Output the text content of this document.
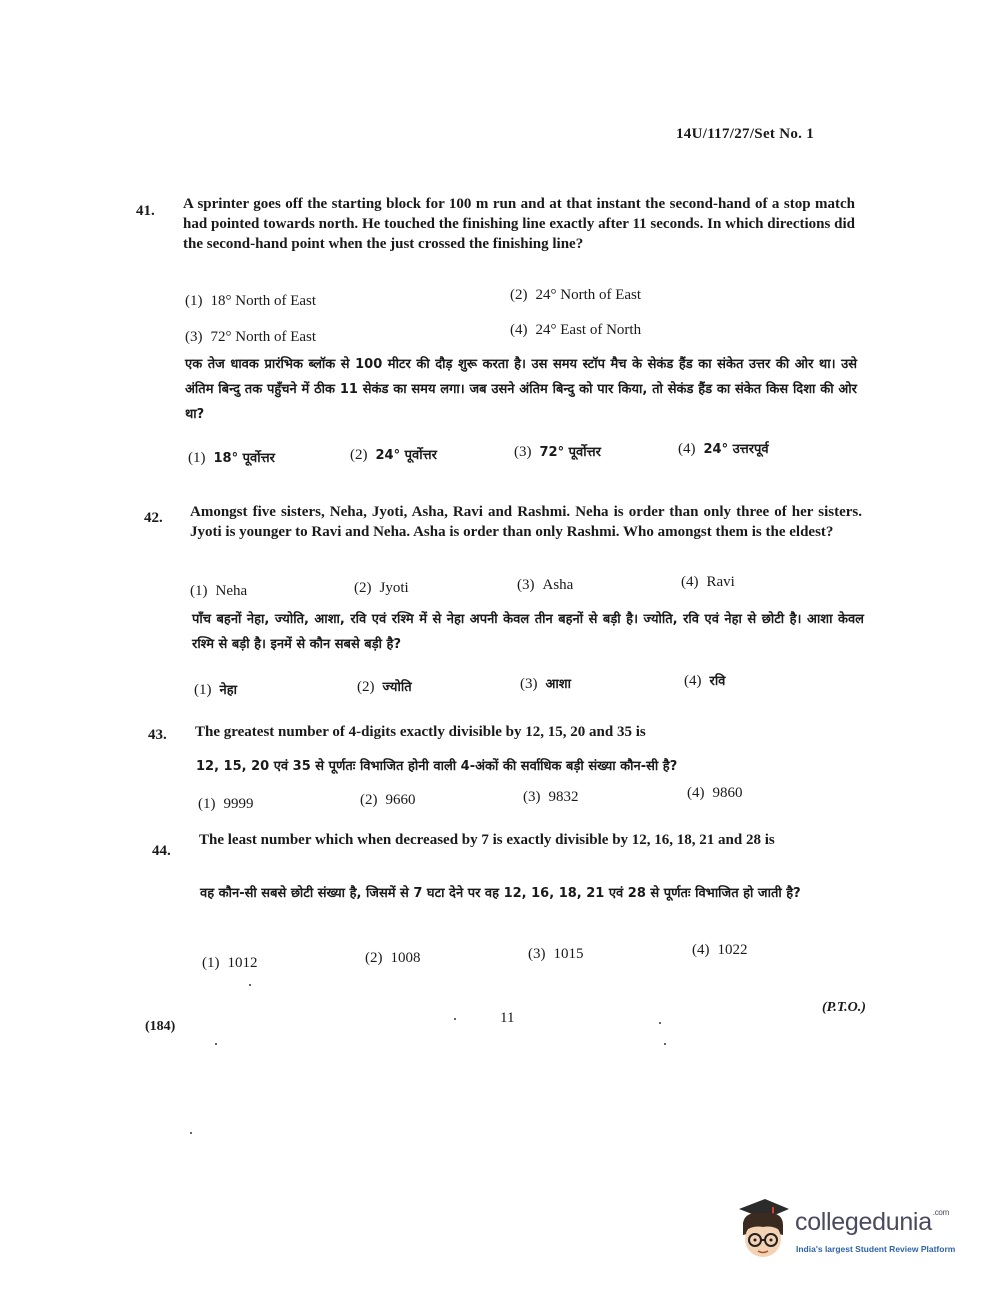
14U/117/27/Set No. 1
41. A sprinter goes off the starting block for 100 m run and at that instant the second-hand of a stop match had pointed towards north. He touched the finishing line exactly after 11 seconds. In which directions did the second-hand point when the just crossed the finishing line?
(1) 18° North of East	(2) 24° North of East
(3) 72° North of East	(4) 24° East of North
एक तेज धावक प्रारंभिक ब्लॉक से 100 मीटर की दौड़ शुरू करता है। उस समय स्टॉप मैच के सेकंड हैंड का संकेत उत्तर की ओर था। उसे अंतिम बिन्दु तक पहुँचने में ठीक 11 सेकंड का समय लगा। जब उसने अंतिम बिन्दु को पार किया, तो सेकंड हैंड का संकेत किस दिशा की ओर था?
(1) 18° पूर्वोत्तर	(2) 24° पूर्वोत्तर	(3) 72° पूर्वोत्तर	(4) 24° उत्तरपूर्व
42. Amongst five sisters, Neha, Jyoti, Asha, Ravi and Rashmi. Neha is order than only three of her sisters. Jyoti is younger to Ravi and Neha. Asha is order than only Rashmi. Who amongst them is the eldest?
(1) Neha	(2) Jyoti	(3) Asha	(4) Ravi
पाँच बहनों नेहा, ज्योति, आशा, रवि एवं रश्मि में से नेहा अपनी केवल तीन बहनों से बड़ी है। ज्योति, रवि एवं नेहा से छोटी है। आशा केवल रश्मि से बड़ी है। इनमें से कौन सबसे बड़ी है?
(1) नेहा	(2) ज्योति	(3) आशा	(4) रवि
43. The greatest number of 4-digits exactly divisible by 12, 15, 20 and 35 is
12, 15, 20 एवं 35 से पूर्णतः विभाजित होनी वाली 4-अंकों की सर्वाधिक बड़ी संख्या कौन-सी है?
(1) 9999	(2) 9660	(3) 9832	(4) 9860
44.
The least number which when decreased by 7 is exactly divisible by 12, 16, 18, 21 and 28 is
वह कौन-सी सबसे छोटी संख्या है, जिसमें से 7 घटा देने पर वह 12, 16, 18, 21 एवं 28 से पूर्णतः विभाजित हो जाती है?
(1) 1012	(2) 1008	(3) 1015	(4) 1022
(184)
11
(P.T.O.)
collegedunia$^{.com}$
India's largest Student Review Platform
